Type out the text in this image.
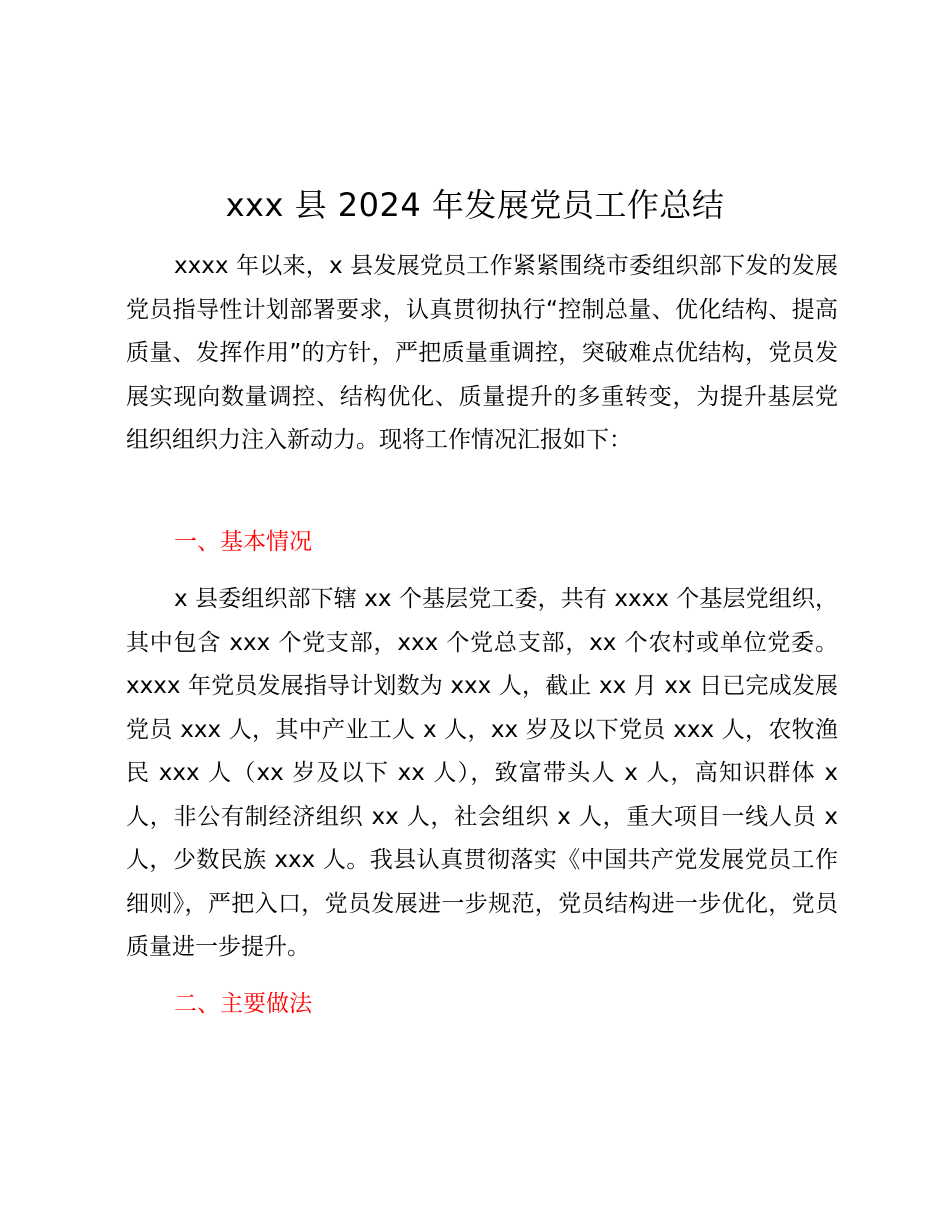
xxx 县 2024 年发展党员工作总结

xxxx 年以来，x 县发展党员工作紧紧围绕市委组织部下发的发展党员指导性计划部署要求，认真贯彻执行“控制总量、优化结构、提高质量、发挥作用”的方针，严把质量重调控，突破难点优结构，党员发展实现向数量调控、结构优化、质量提升的多重转变，为提升基层党组织组织力注入新动力。现将工作情况汇报如下：

一、基本情况

x 县委组织部下辖 xx 个基层党工委，共有 xxxx 个基层党组织，其中包含 xxx 个党支部，xxx 个党总支部，xx 个农村或单位党委。xxxx 年党员发展指导计划数为 xxx 人，截止 xx 月 xx 日已完成发展党员 xxx 人，其中产业工人 x 人，xx 岁及以下党员 xxx 人，农牧渔民 xxx 人（xx 岁及以下 xx 人），致富带头人 x 人，高知识群体 x 人，非公有制经济组织 xx 人，社会组织 x 人，重大项目一线人员 x 人，少数民族 xxx 人。我县认真贯彻落实《中国共产党发展党员工作细则》，严把入口，党员发展进一步规范，党员结构进一步优化，党员质量进一步提升。

二、主要做法
